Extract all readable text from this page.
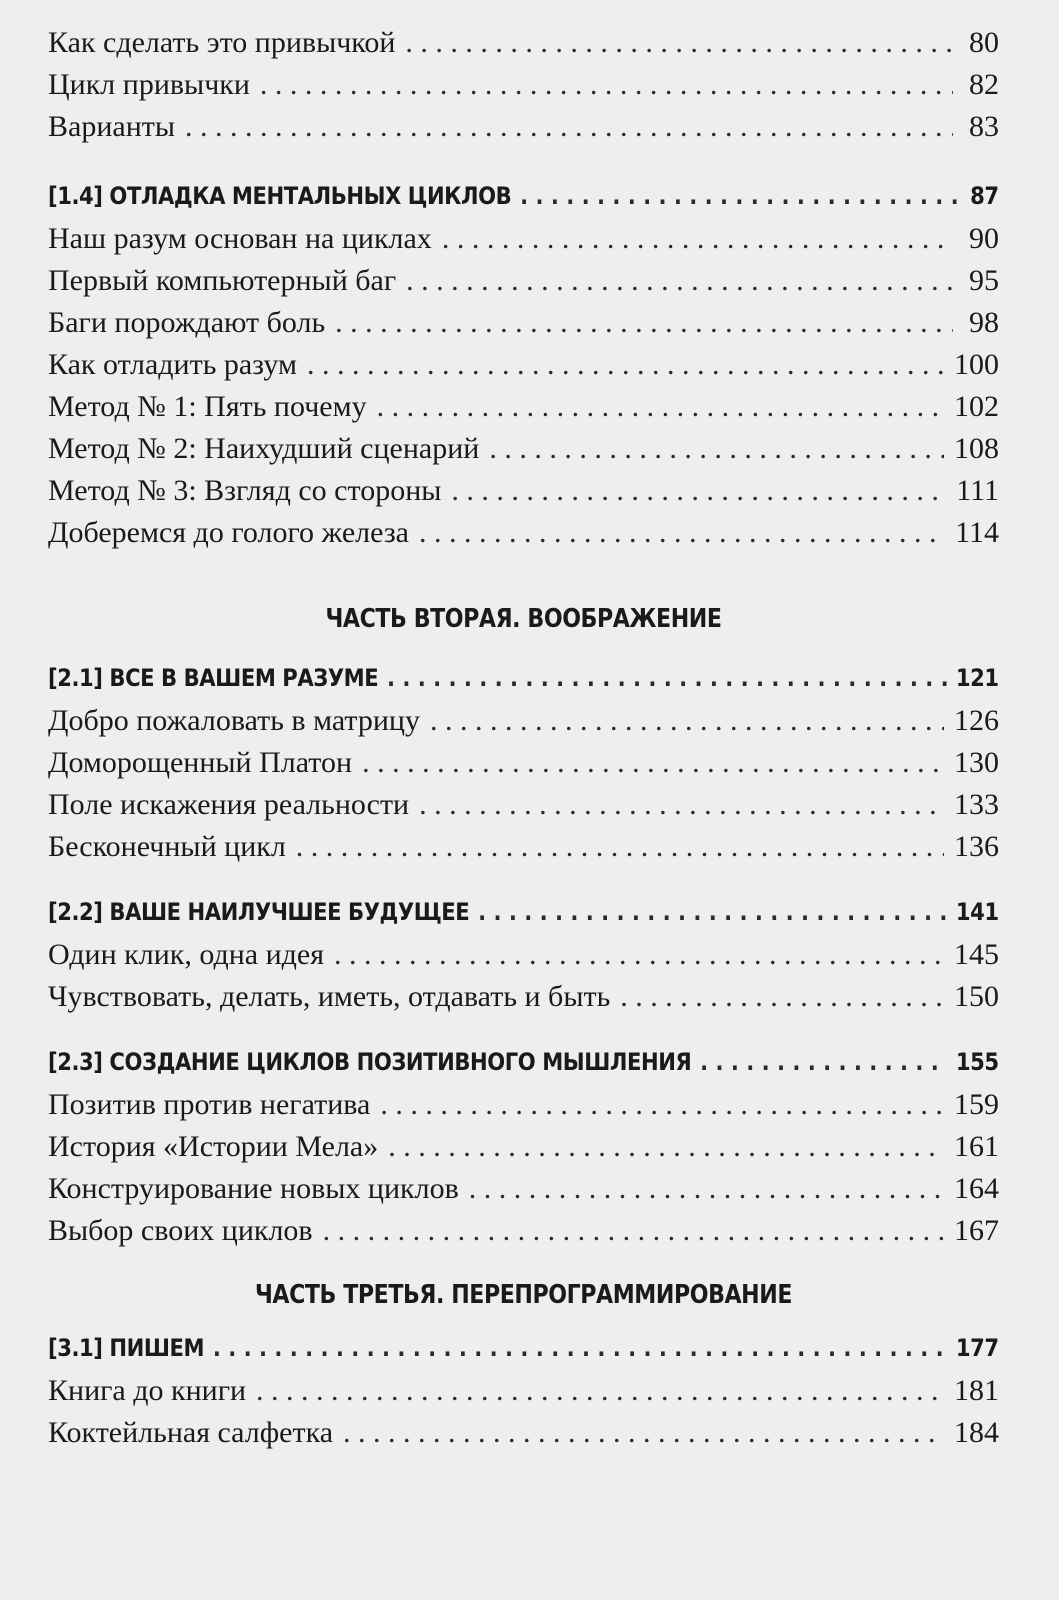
Как сделать это привычкой . . .	80
Цикл привычки . . .	82
Варианты . . .	83
[1.4] ОТЛАДКА МЕНТАЛЬНЫХ ЦИКЛОВ . . .	87
Наш разум основан на циклах . . .	90
Первый компьютерный баг . . .	95
Баги порождают боль . . .	98
Как отладить разум . . .	100
Метод № 1: Пять почему . . .	102
Метод № 2: Наихудший сценарий . . .	108
Метод № 3: Взгляд со стороны . . .	111
Доберемся до голого железа . . .	114
ЧАСТЬ ВТОРАЯ. ВООБРАЖЕНИЕ
[2.1] ВСЕ В ВАШЕМ РАЗУМЕ . . .	121
Добро пожаловать в матрицу . . .	126
Доморощенный Платон . . .	130
Поле искажения реальности . . .	133
Бесконечный цикл . . .	136
[2.2] ВАШЕ НАИЛУЧШЕЕ БУДУЩЕЕ . . .	141
Один клик, одна идея . . .	145
Чувствовать, делать, иметь, отдавать и быть . . .	150
[2.3] СОЗДАНИЕ ЦИКЛОВ ПОЗИТИВНОГО МЫШЛЕНИЯ . . .	155
Позитив против негатива . . .	159
История «Истории Мела» . . .	161
Конструирование новых циклов . . .	164
Выбор своих циклов . . .	167
ЧАСТЬ ТРЕТЬЯ. ПЕРЕПРОГРАММИРОВАНИЕ
[3.1] ПИШЕМ . . .	177
Книга до книги . . .	181
Коктейльная салфетка . . .	184
